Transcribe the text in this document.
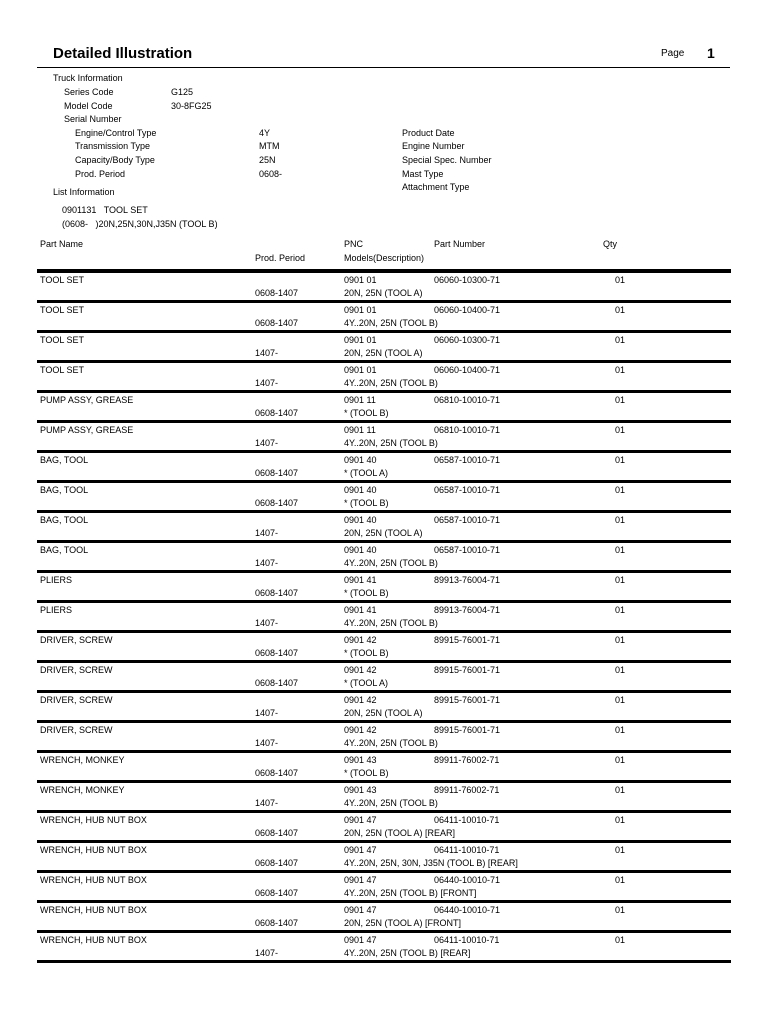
Detailed Illustration	Page 1
Truck Information
Series Code	G125
Model Code	30-8FG25
Serial Number
Engine/Control Type	4Y	Product Date
Transmission Type	MTM	Engine Number
Capacity/Body Type	25N	Special Spec. Number
Prod. Period	0608-	Mast Type
List Information	Attachment Type
0901131   TOOL SET
(0608-   )20N,25N,30N,J35N (TOOL B)
Part Name	PNC	Part Number	Qty
Prod. Period	Models(Description)
TOOL SET	0901 01	06060-10300-71	01
0608-1407	20N, 25N (TOOL A)
TOOL SET	0901 01	06060-10400-71	01
0608-1407	4Y..20N, 25N (TOOL B)
TOOL SET	0901 01	06060-10300-71	01
1407-	20N, 25N (TOOL A)
TOOL SET	0901 01	06060-10400-71	01
1407-	4Y..20N, 25N (TOOL B)
PUMP ASSY, GREASE	0901 11	06810-10010-71	01
0608-1407	* (TOOL B)
PUMP ASSY, GREASE	0901 11	06810-10010-71	01
1407-	4Y..20N, 25N (TOOL B)
BAG, TOOL	0901 40	06587-10010-71	01
0608-1407	* (TOOL A)
BAG, TOOL	0901 40	06587-10010-71	01
0608-1407	* (TOOL B)
BAG, TOOL	0901 40	06587-10010-71	01
1407-	20N, 25N (TOOL A)
BAG, TOOL	0901 40	06587-10010-71	01
1407-	4Y..20N, 25N (TOOL B)
PLIERS	0901 41	89913-76004-71	01
0608-1407	* (TOOL B)
PLIERS	0901 41	89913-76004-71	01
1407-	4Y..20N, 25N (TOOL B)
DRIVER, SCREW	0901 42	89915-76001-71	01
0608-1407	* (TOOL B)
DRIVER, SCREW	0901 42	89915-76001-71	01
0608-1407	* (TOOL A)
DRIVER, SCREW	0901 42	89915-76001-71	01
1407-	20N, 25N (TOOL A)
DRIVER, SCREW	0901 42	89915-76001-71	01
1407-	4Y..20N, 25N (TOOL B)
WRENCH, MONKEY	0901 43	89911-76002-71	01
0608-1407	* (TOOL B)
WRENCH, MONKEY	0901 43	89911-76002-71	01
1407-	4Y..20N, 25N (TOOL B)
WRENCH, HUB NUT BOX	0901 47	06411-10010-71	01
0608-1407	20N, 25N (TOOL A) [REAR]
WRENCH, HUB NUT BOX	0901 47	06411-10010-71	01
0608-1407	4Y..20N, 25N, 30N, J35N (TOOL B) [REAR]
WRENCH, HUB NUT BOX	0901 47	06440-10010-71	01
0608-1407	4Y..20N, 25N (TOOL B) [FRONT]
WRENCH, HUB NUT BOX	0901 47	06440-10010-71	01
0608-1407	20N, 25N (TOOL A) [FRONT]
WRENCH, HUB NUT BOX	0901 47	06411-10010-71	01
1407-	4Y..20N, 25N (TOOL B) [REAR]
